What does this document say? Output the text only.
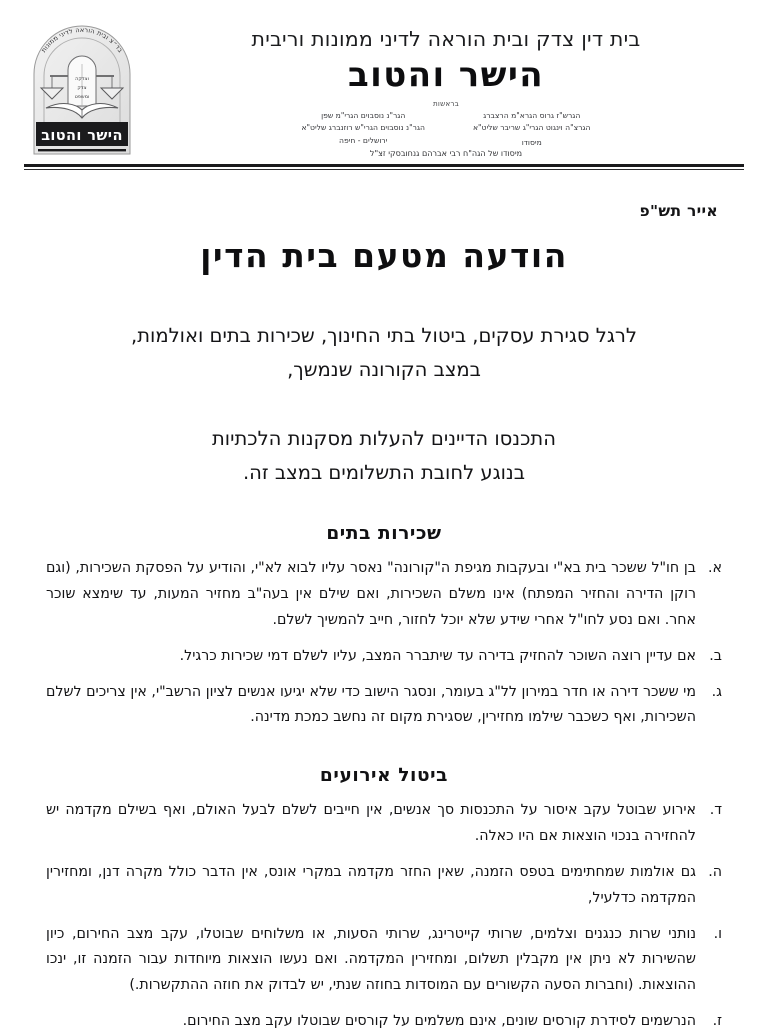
בד״צ ובית הוראה לדיני ממונות
וצדקה
צדק
ומשפט
הישר והטוב
בית דין צדק ובית הוראה לדיני ממונות וריבית
הישר והטוב
בראשות
הגר"נ נוסבוים הגרי"מ שפן
הגר"נ נוסבוים הגרי"ש רוזנברג שליט"א
ירושלים - חיפה
הגרש"ז גרוס הגרא"מ הרצברג
הגרצ"ה וינגוט הגרי"ג שריבר שליט"א
מיסודו
מיסודו של הגה"ח רבי אברהם גנחובסקי זצ"ל
אייר תש"פ
הודעה מטעם בית הדין
לרגל סגירת עסקים, ביטול בתי החינוך, שכירות בתים ואולמות,
במצב הקורונה שנמשך,
התכנסו הדיינים להעלות מסקנות הלכתיות
בנוגע לחובת התשלומים במצב זה.
שכירות בתים
א.
בן חו"ל ששכר בית בא"י ובעקבות מגיפת ה"קורונה" נאסר עליו לבוא לא"י, והודיע על הפסקת השכירות, (וגם רוקן הדירה והחזיר המפתח) אינו משלם השכירות, ואם שילם אין בעה"ב מחזיר המעות, עד שימצא שוכר אחר. ואם נסע לחו"ל אחרי שידע שלא יוכל לחזור, חייב להמשיך לשלם.
ב.
אם עדיין רוצה השוכר להחזיק בדירה עד שיתברר המצב, עליו לשלם דמי שכירות כרגיל.
ג.
מי ששכר דירה או חדר במירון לל"ג בעומר, ונסגר הישוב כדי שלא יגיעו אנשים לציון הרשב"י, אין צריכים לשלם השכירות, ואף כשכבר שילמו מחזירין, שסגירת מקום זה נחשב כמכת מדינה.
ביטול אירועים
ד.
אירוע שבוטל עקב איסור על התכנסות סך אנשים, אין חייבים לשלם לבעל האולם, ואף בשילם מקדמה יש להחזירה בנכוי הוצאות אם היו כאלה.
ה.
גם אולמות שמחתימים בטפס הזמנה, שאין החזר מקדמה במקרי אונס, אין הדבר כולל מקרה דנן, ומחזירין המקדמה כדלעיל,
ו.
נותני שרות כנגנים וצלמים, שרותי קייטרינג, שרותי הסעות, או משלוחים שבוטלו, עקב מצב החירום, כיון שהשירות לא ניתן אין מקבלין תשלום, ומחזירין המקדמה. ואם נעשו הוצאות מיוחדות עבור הזמנה זו, ינכו ההוצאות. (וחברות הסעה הקשורים עם המוסדות בחוזה שנתי, יש לבדוק את חוזה ההתקשרות.)
ז.
הנרשמים לסידרת קורסים שונים, אינם משלמים על קורסים שבוטלו עקב מצב החירום.
